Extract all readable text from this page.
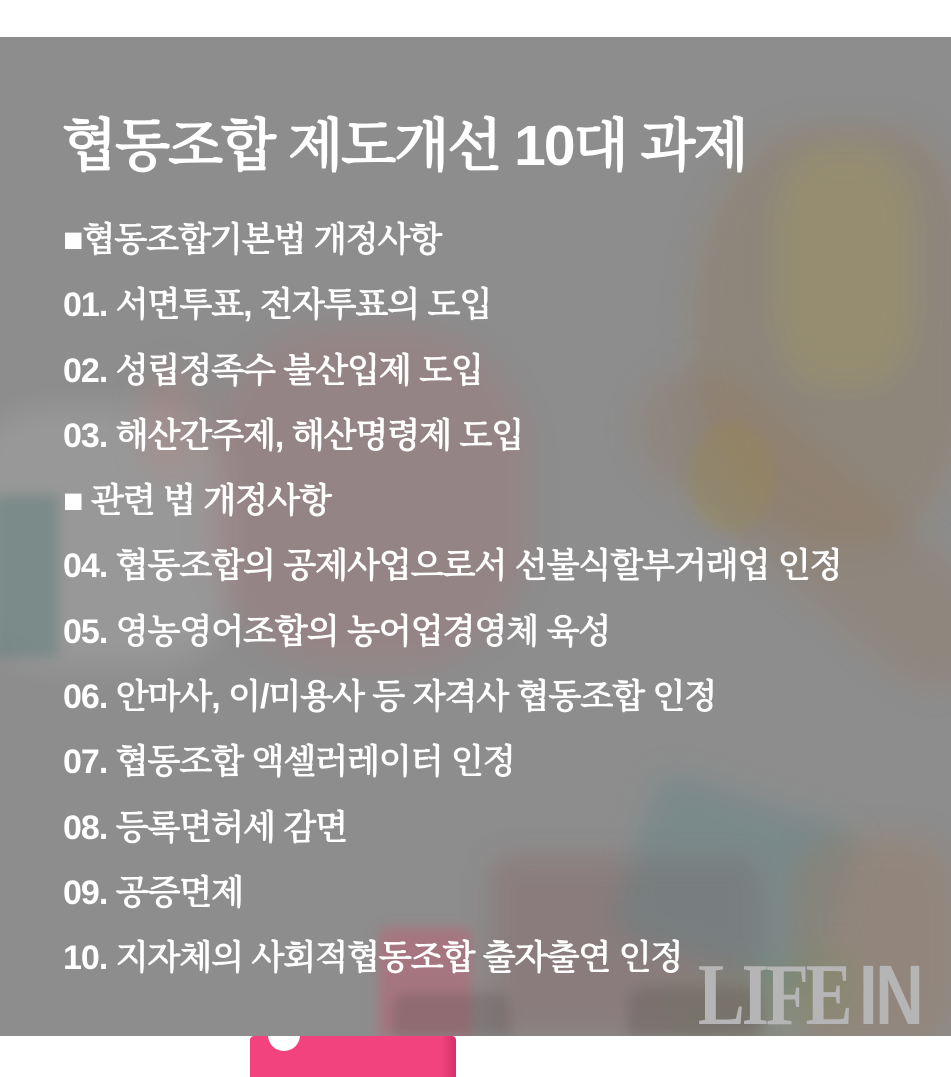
협동조합 제도개선 10대 과제
■협동조합기본법 개정사항
01. 서면투표, 전자투표의 도입
02. 성립정족수 불산입제 도입
03. 해산간주제, 해산명령제 도입
■ 관련 법 개정사항
04. 협동조합의 공제사업으로서 선불식할부거래업 인정
05. 영농영어조합의 농어업경영체 육성
06. 안마사, 이/미용사 등 자격사 협동조합 인정
07. 협동조합 액셀러레이터 인정
08. 등록면허세 감면
09. 공증면제
10. 지자체의 사회적협동조합 출자출연 인정 LIFE IN
